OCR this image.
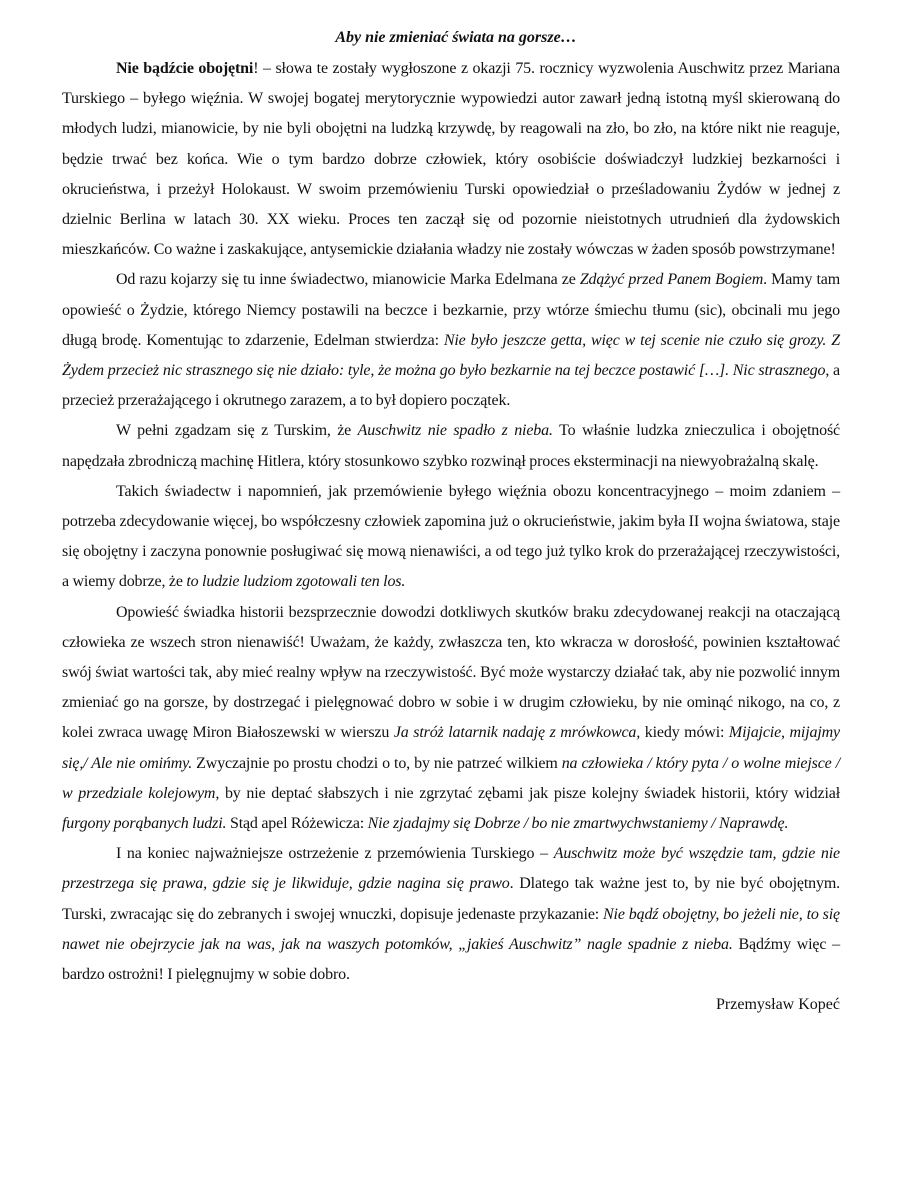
Aby nie zmieniać świata na gorsze…

Nie bądźcie obojętni! – słowa te zostały wygłoszone z okazji 75. rocznicy wyzwolenia Auschwitz przez Mariana Turskiego – byłego więźnia. W swojej bogatej merytorycznie wypowiedzi autor zawarł jedną istotną myśl skierowaną do młodych ludzi, mianowicie, by nie byli obojętni na ludzką krzywdę, by reagowali na zło, bo zło, na które nikt nie reaguje, będzie trwać bez końca. Wie o tym bardzo dobrze człowiek, który osobiście doświadczył ludzkiej bezkarności i okrucieństwa, i przeżył Holokaust. W swoim przemówieniu Turski opowiedział o prześladowaniu Żydów w jednej z dzielnic Berlina w latach 30. XX wieku. Proces ten zaczął się od pozornie nieistotnych utrudnień dla żydowskich mieszkańców. Co ważne i zaskakujące, antysemickie działania władzy nie zostały wówczas w żaden sposób powstrzymane!

Od razu kojarzy się tu inne świadectwo, mianowicie Marka Edelmana ze Zdążyć przed Panem Bogiem. Mamy tam opowieść o Żydzie, którego Niemcy postawili na beczce i bezkarnie, przy wtórze śmiechu tłumu (sic), obcinali mu jego długą brodę. Komentując to zdarzenie, Edelman stwierdza: Nie było jeszcze getta, więc w tej scenie nie czuło się grozy. Z Żydem przecież nic strasznego się nie działo: tyle, że można go było bezkarnie na tej beczce postawić […]. Nic strasznego, a przecież przerażającego i okrutnego zarazem, a to był dopiero początek.

W pełni zgadzam się z Turskim, że Auschwitz nie spadło z nieba. To właśnie ludzka znieczulica i obojętność napędzała zbrodniczą machinę Hitlera, który stosunkowo szybko rozwinął proces eksterminacji na niewyobrażalną skalę.

Takich świadectw i napomnień, jak przemówienie byłego więźnia obozu koncentracyjnego – moim zdaniem – potrzeba zdecydowanie więcej, bo współczesny człowiek zapomina już o okrucieństwie, jakim była II wojna światowa, staje się obojętny i zaczyna ponownie posługiwać się mową nienawiści, a od tego już tylko krok do przerażającej rzeczywistości, a wiemy dobrze, że to ludzie ludziom zgotowali ten los.

Opowieść świadka historii bezsprzecznie dowodzi dotkliwych skutków braku zdecydowanej reakcji na otaczającą człowieka ze wszech stron nienawiść! Uważam, że każdy, zwłaszcza ten, kto wkracza w dorosłość, powinien kształtować swój świat wartości tak, aby mieć realny wpływ na rzeczywistość. Być może wystarczy działać tak, aby nie pozwolić innym zmieniać go na gorsze, by dostrzegać i pielęgnować dobro w sobie i w drugim człowieku, by nie ominąć nikogo, na co, z kolei zwraca uwagę Miron Białoszewski w wierszu Ja stróż latarnik nadaję z mrówkowca, kiedy mówi: Mijajcie, mijajmy się,/ Ale nie omińmy. Zwyczajnie po prostu chodzi o to, by nie patrzeć wilkiem na człowieka / który pyta / o wolne miejsce / w przedziale kolejowym, by nie deptać słabszych i nie zgrzytać zębami jak pisze kolejny świadek historii, który widział furgony porąbanych ludzi. Stąd apel Różewicza: Nie zjadajmy się Dobrze / bo nie zmartwychwstaniemy / Naprawdę.

I na koniec najważniejsze ostrzeżenie z przemówienia Turskiego – Auschwitz może być wszędzie tam, gdzie nie przestrzega się prawa, gdzie się je likwiduje, gdzie nagina się prawo. Dlatego tak ważne jest to, by nie być obojętnym. Turski, zwracając się do zebranych i swojej wnuczki, dopisuje jedenaste przykazanie: Nie bądź obojętny, bo jeżeli nie, to się nawet nie obejrzycie jak na was, jak na waszych potomków, „jakieś Auschwitz” nagle spadnie z nieba. Bądźmy więc – bardzo ostrożni! I pielęgnujmy w sobie dobro.

Przemysław Kopeć
